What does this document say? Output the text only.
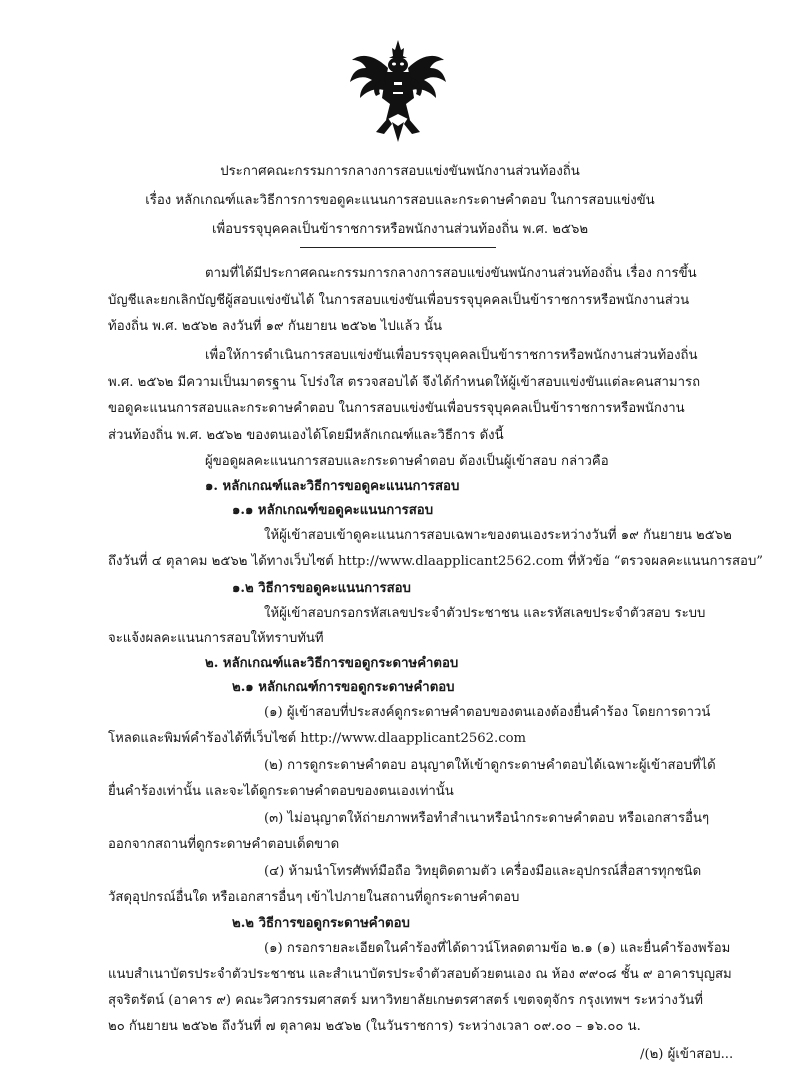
ประกาศคณะกรรมการกลางการสอบแข่งขันพนักงานส่วนท้องถิ่น
เรื่อง หลักเกณฑ์และวิธีการการขอดูคะแนนการสอบและกระดาษคำตอบ ในการสอบแข่งขัน
เพื่อบรรจุบุคคลเป็นข้าราชการหรือพนักงานส่วนท้องถิ่น พ.ศ. ๒๕๖๒
ตามที่ได้มีประกาศคณะกรรมการกลางการสอบแข่งขันพนักงานส่วนท้องถิ่น เรื่อง การขึ้น
บัญชีและยกเลิกบัญชีผู้สอบแข่งขันได้ ในการสอบแข่งขันเพื่อบรรจุบุคคลเป็นข้าราชการหรือพนักงานส่วน
ท้องถิ่น พ.ศ. ๒๕๖๒ ลงวันที่ ๑๙ กันยายน ๒๕๖๒ ไปแล้ว นั้น
เพื่อให้การดำเนินการสอบแข่งขันเพื่อบรรจุบุคคลเป็นข้าราชการหรือพนักงานส่วนท้องถิ่น
พ.ศ. ๒๕๖๒ มีความเป็นมาตรฐาน โปร่งใส ตรวจสอบได้ จึงได้กำหนดให้ผู้เข้าสอบแข่งขันแต่ละคนสามารถ
ขอดูคะแนนการสอบและกระดาษคำตอบ ในการสอบแข่งขันเพื่อบรรจุบุคคลเป็นข้าราชการหรือพนักงาน
ส่วนท้องถิ่น พ.ศ. ๒๕๖๒ ของตนเองได้โดยมีหลักเกณฑ์และวิธีการ ดังนี้
ผู้ขอดูผลคะแนนการสอบและกระดาษคำตอบ ต้องเป็นผู้เข้าสอบ กล่าวคือ
๑. หลักเกณฑ์และวิธีการขอดูคะแนนการสอบ
๑.๑ หลักเกณฑ์ขอดูคะแนนการสอบ
ให้ผู้เข้าสอบเข้าดูคะแนนการสอบเฉพาะของตนเองระหว่างวันที่ ๑๙ กันยายน ๒๕๖๒
ถึงวันที่ ๔ ตุลาคม ๒๕๖๒ ได้ทางเว็บไซต์ http://www.dlaapplicant2562.com ที่หัวข้อ “ตรวจผลคะแนนการสอบ”
๑.๒ วิธีการขอดูคะแนนการสอบ
ให้ผู้เข้าสอบกรอกรหัสเลขประจำตัวประชาชน และรหัสเลขประจำตัวสอบ ระบบ
จะแจ้งผลคะแนนการสอบให้ทราบทันที
๒. หลักเกณฑ์และวิธีการขอดูกระดาษคำตอบ
๒.๑ หลักเกณฑ์การขอดูกระดาษคำตอบ
(๑) ผู้เข้าสอบที่ประสงค์ดูกระดาษคำตอบของตนเองต้องยื่นคำร้อง โดยการดาวน์
โหลดและพิมพ์คำร้องได้ที่เว็บไซต์ http://www.dlaapplicant2562.com
(๒) การดูกระดาษคำตอบ อนุญาตให้เข้าดูกระดาษคำตอบได้เฉพาะผู้เข้าสอบที่ได้
ยื่นคำร้องเท่านั้น และจะได้ดูกระดาษคำตอบของตนเองเท่านั้น
(๓) ไม่อนุญาตให้ถ่ายภาพหรือทำสำเนาหรือนำกระดาษคำตอบ หรือเอกสารอื่นๆ
ออกจากสถานที่ดูกระดาษคำตอบเด็ดขาด
(๔) ห้ามนำโทรศัพท์มือถือ วิทยุติดตามตัว เครื่องมือและอุปกรณ์สื่อสารทุกชนิด
วัสดุอุปกรณ์อื่นใด หรือเอกสารอื่นๆ เข้าไปภายในสถานที่ดูกระดาษคำตอบ
๒.๒ วิธีการขอดูกระดาษคำตอบ
(๑) กรอกรายละเอียดในคำร้องที่ได้ดาวน์โหลดตามข้อ ๒.๑ (๑) และยื่นคำร้องพร้อม
แนบสำเนาบัตรประจำตัวประชาชน และสำเนาบัตรประจำตัวสอบด้วยตนเอง ณ ห้อง ๙๙๐๘ ชั้น ๙ อาคารบุญสม
สุจริตรัตน์ (อาคาร ๙) คณะวิศวกรรมศาสตร์ มหาวิทยาลัยเกษตรศาสตร์ เขตจตุจักร กรุงเทพฯ ระหว่างวันที่
๒๐ กันยายน ๒๕๖๒ ถึงวันที่ ๗ ตุลาคม ๒๕๖๒ (ในวันราชการ) ระหว่างเวลา ๐๙.๐๐ – ๑๖.๐๐ น.
/(๒) ผู้เข้าสอบ...
